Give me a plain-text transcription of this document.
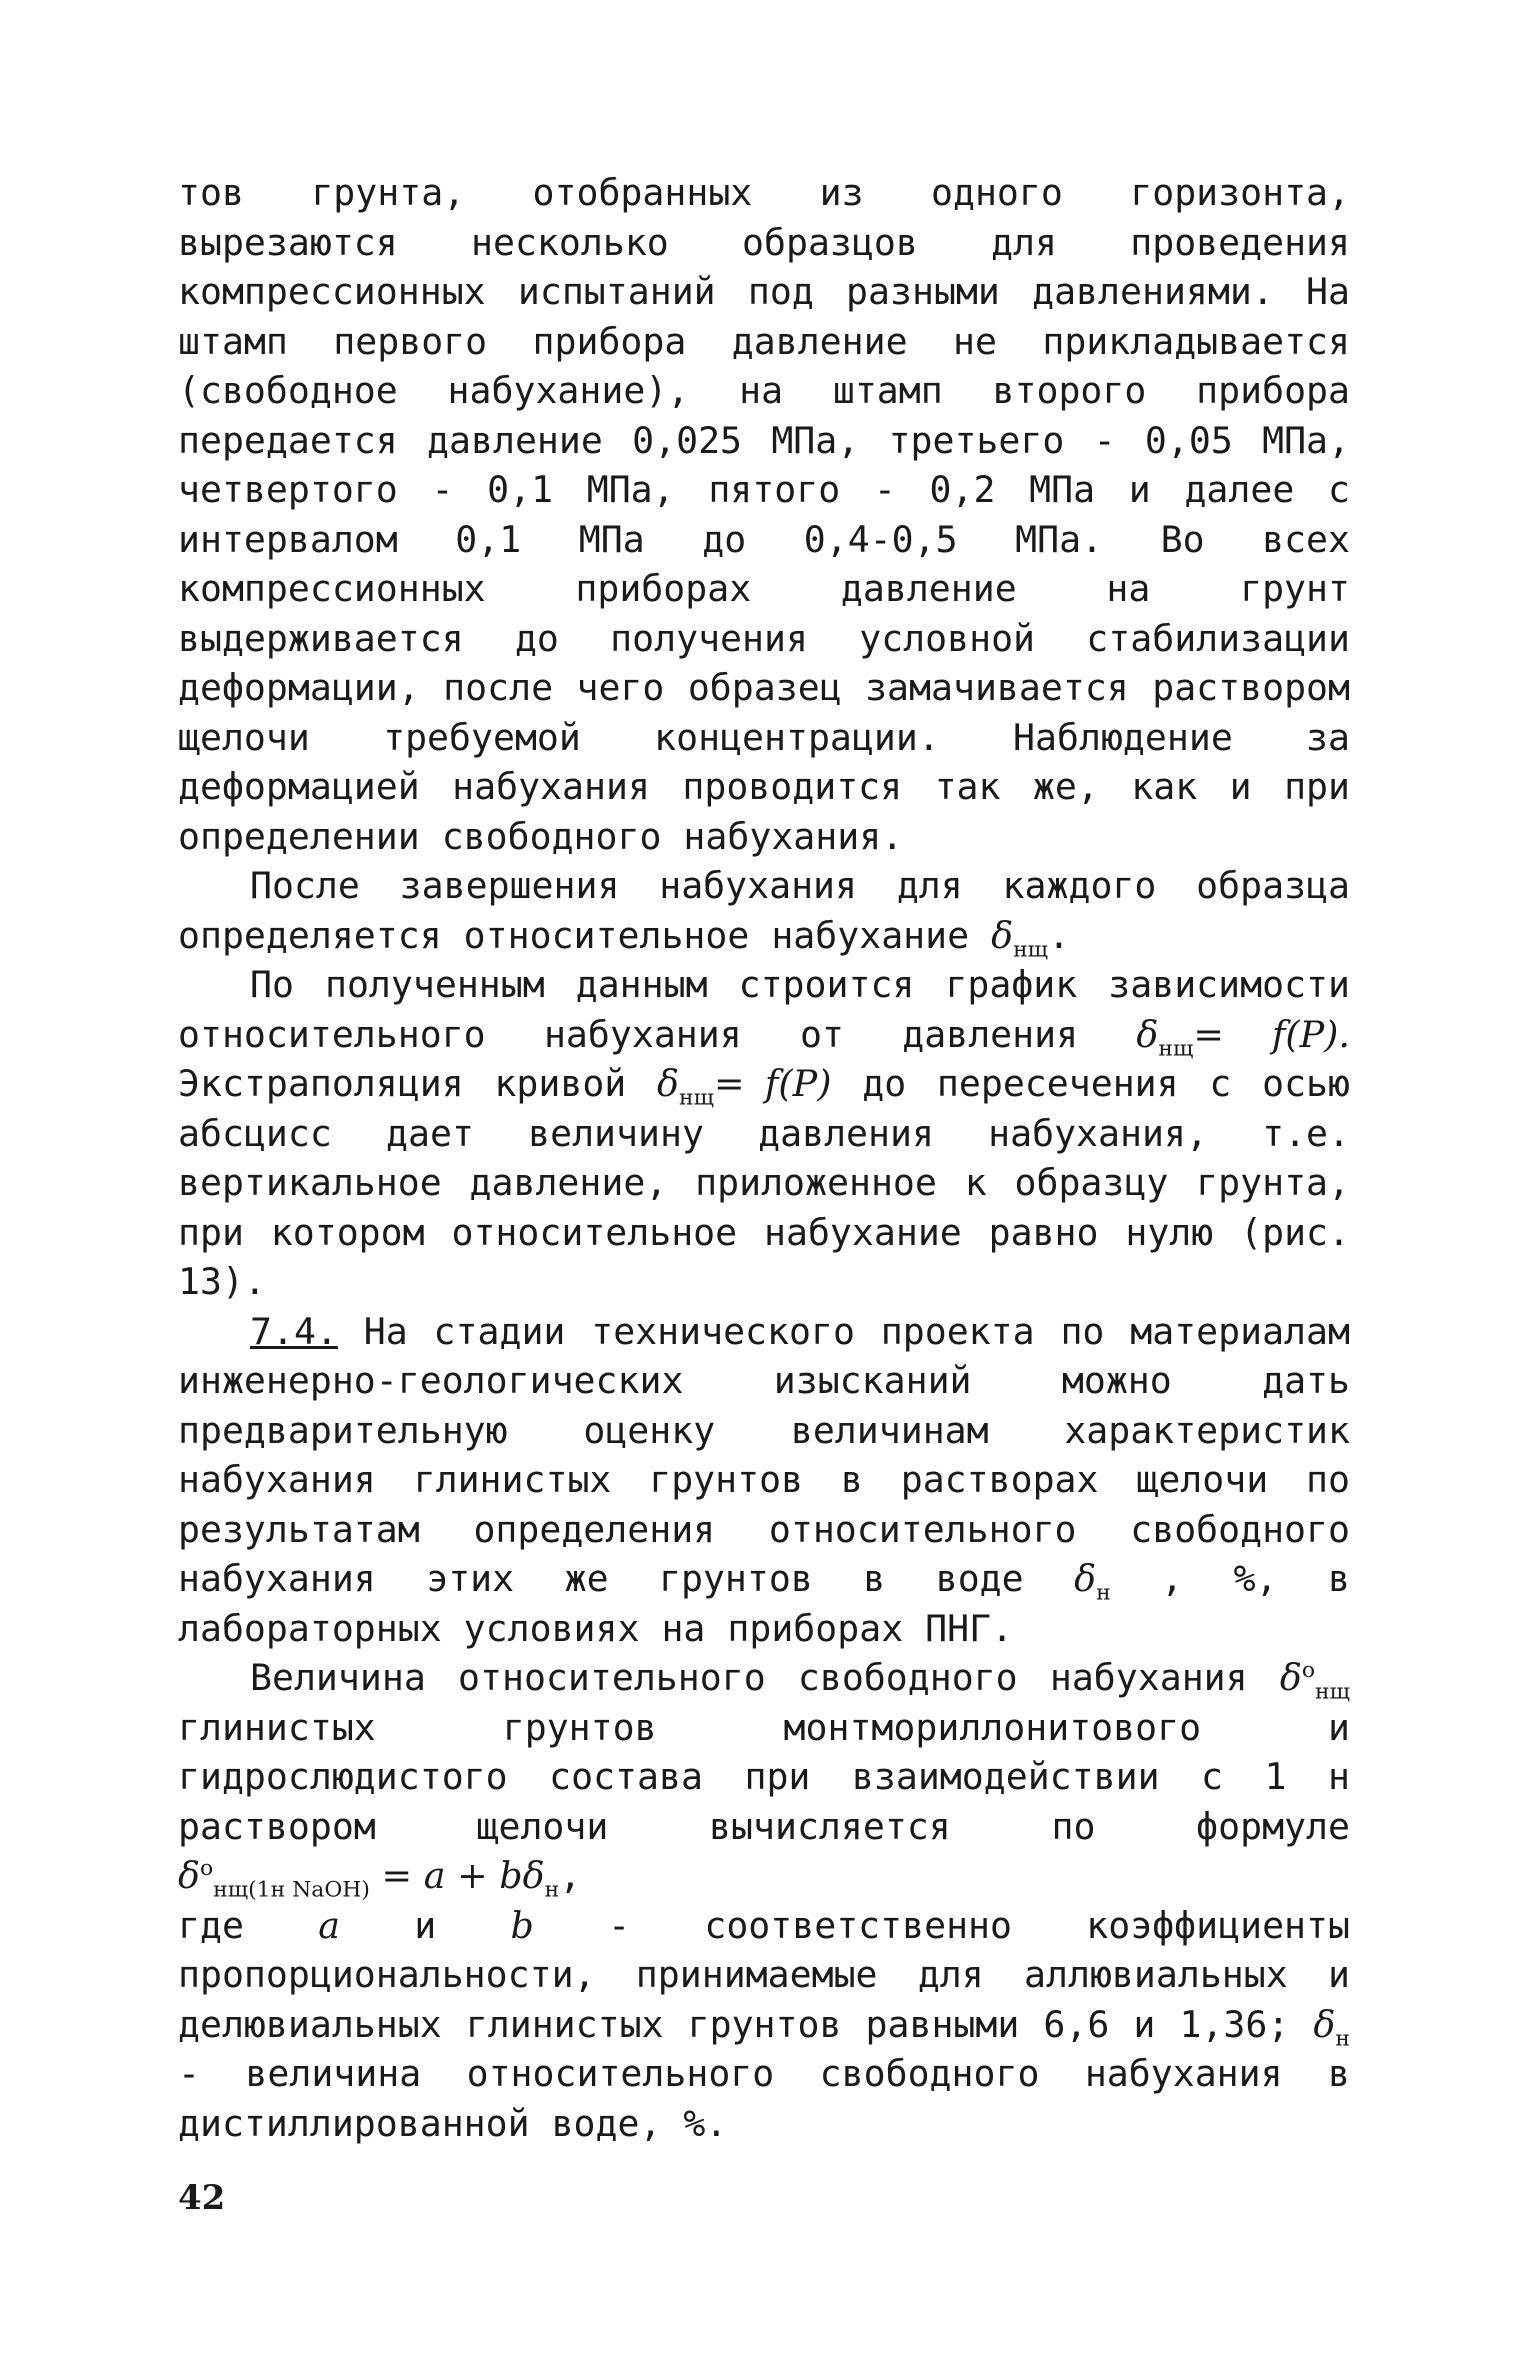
тов грунта, отобранных из одного горизонта, вырезаются несколько образцов для проведения компрессионных испытаний под разными давлениями. На штамп первого прибора давление не прикладывается (свободное набухание), на штамп второго прибора передается давление 0,025 МПа, третьего - 0,05 МПа, четвертого - 0,1 МПа, пятого - 0,2 МПа и далее с интервалом 0,1 МПа до 0,4-0,5 МПа. Во всех компрессионных приборах давление на грунт выдерживается до получения условной стабилизации деформации, после чего образец замачивается раствором щелочи требуемой концентрации. Наблюдение за деформацией набухания проводится так же, как и при определении свободного набухания.

После завершения набухания для каждого образца определяется относительное набухание $\delta_{нщ}$.

По полученным данным строится график зависимости относительного набухания от давления $\delta_{нщ}= f(P)$. Экстраполяция кривой $\delta_{нщ}= f(P)$ до пересечения с осью абсцисс дает величину давления набухания, т.е. вертикальное давление, приложенное к образцу грунта, при котором относительное набухание равно нулю (рис. 13).

7.4. На стадии технического проекта по материалам инженерно-геологических изысканий можно дать предварительную оценку величинам характеристик набухания глинистых грунтов в растворах щелочи по результатам определения относительного свободного набухания этих же грунтов в воде $\delta_н$ , %, в лабораторных условиях на приборах ПНГ.

Величина относительного свободного набухания $\delta^о_{нщ}$ глинистых грунтов монтмориллонитового и гидрослюдистого состава при взаимодействии с 1 н раствором щелочи вычисляется по формуле $\delta^о_{нщ(1н NaOH)} = a + b\delta_н$,

где a и b - соответственно коэффициенты пропорциональности, принимаемые для аллювиальных и делювиальных глинистых грунтов равными 6,6 и 1,36; $\delta_н$ - величина относительного свободного набухания в дистиллированной воде, %.

42
